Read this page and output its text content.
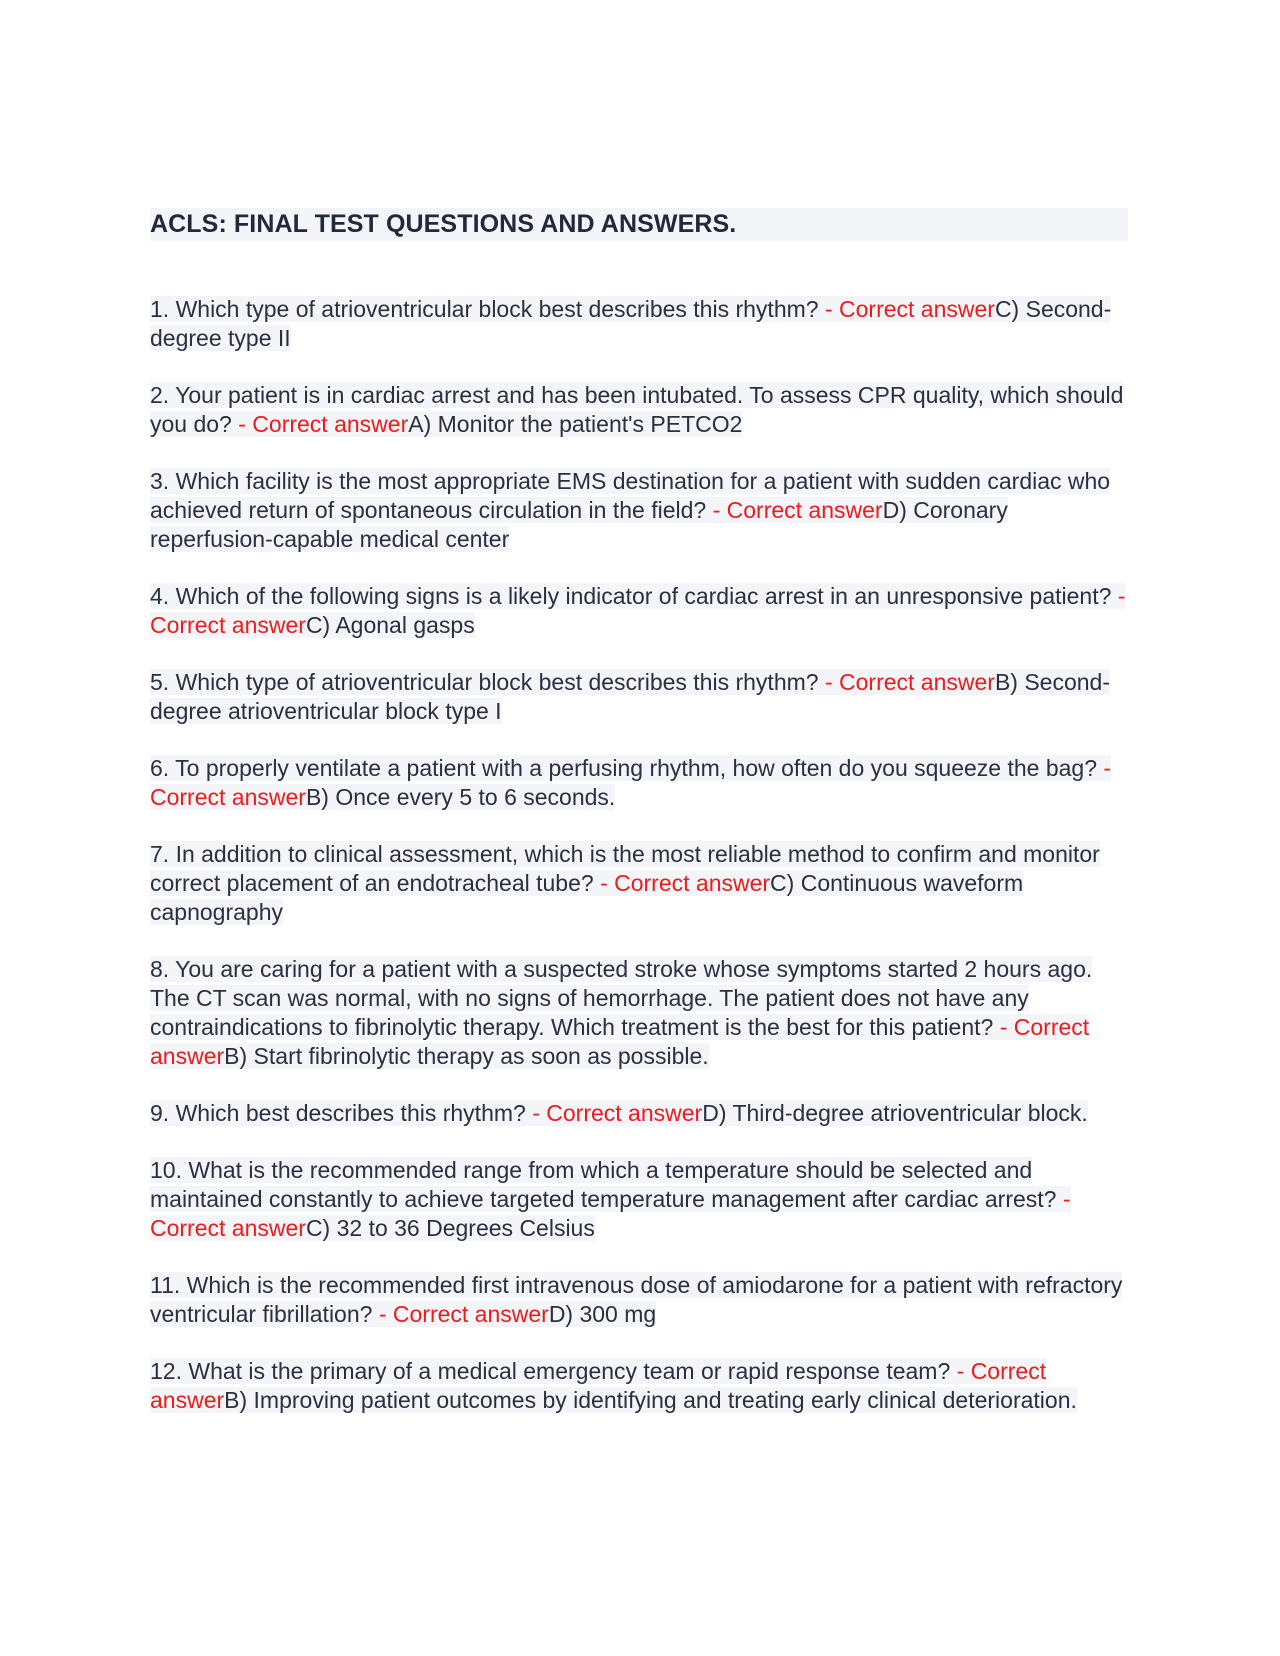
ACLS: FINAL TEST QUESTIONS AND ANSWERS.
1. Which type of atrioventricular block best describes this rhythm? - Correct answerC) Second-degree type II
2. Your patient is in cardiac arrest and has been intubated. To assess CPR quality, which should you do? - Correct answerA) Monitor the patient's PETCO2
3. Which facility is the most appropriate EMS destination for a patient with sudden cardiac who achieved return of spontaneous circulation in the field? - Correct answerD) Coronary reperfusion-capable medical center
4. Which of the following signs is a likely indicator of cardiac arrest in an unresponsive patient? - Correct answerC) Agonal gasps
5. Which type of atrioventricular block best describes this rhythm? - Correct answerB) Second-degree atrioventricular block type I
6. To properly ventilate a patient with a perfusing rhythm, how often do you squeeze the bag? - Correct answerB) Once every 5 to 6 seconds.
7. In addition to clinical assessment, which is the most reliable method to confirm and monitor correct placement of an endotracheal tube? - Correct answerC) Continuous waveform capnography
8. You are caring for a patient with a suspected stroke whose symptoms started 2 hours ago. The CT scan was normal, with no signs of hemorrhage. The patient does not have any contraindications to fibrinolytic therapy. Which treatment is the best for this patient? - Correct answerB) Start fibrinolytic therapy as soon as possible.
9. Which best describes this rhythm? - Correct answerD) Third-degree atrioventricular block.
10. What is the recommended range from which a temperature should be selected and maintained constantly to achieve targeted temperature management after cardiac arrest? - Correct answerC) 32 to 36 Degrees Celsius
11. Which is the recommended first intravenous dose of amiodarone for a patient with refractory ventricular fibrillation? - Correct answerD) 300 mg
12. What is the primary of a medical emergency team or rapid response team? - Correct answerB) Improving patient outcomes by identifying and treating early clinical deterioration.
